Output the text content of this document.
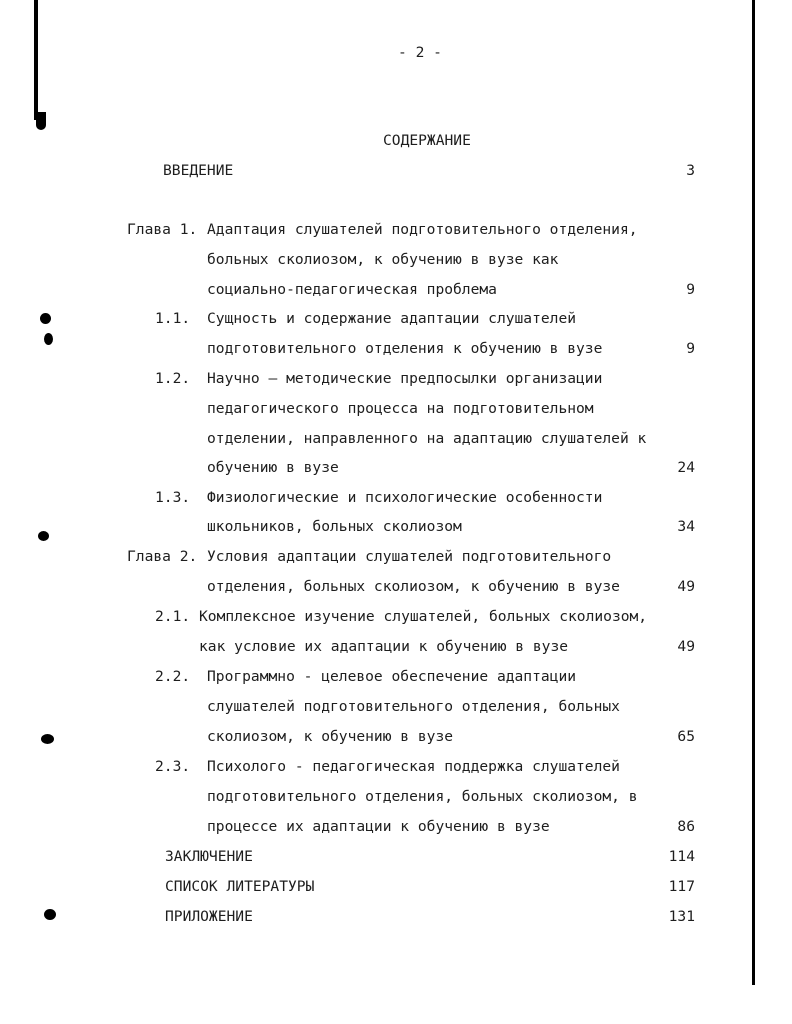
- 2 -
СОДЕРЖАНИЕ
ВВЕДЕНИЕ	3
Глава 1. Адаптация слушателей подготовительного отделения,
больных сколиозом, к обучению в вузе как
социально-педагогическая проблема	9
1.1. Сущность и содержание адаптации слушателей
подготовительного отделения к обучению в вузе	9
1.2. Научно – методические предпосылки организации
педагогического процесса на подготовительном
отделении, направленного на адаптацию слушателей к
обучению в вузе	24
1.3. Физиологические и психологические особенности
школьников, больных сколиозом	34
Глава 2. Условия адаптации слушателей подготовительного
отделения, больных сколиозом, к обучению в вузе	49
2.1. Комплексное изучение слушателей, больных сколиозом,
как условие их адаптации к обучению в вузе	49
2.2. Программно - целевое обеспечение адаптации
слушателей подготовительного отделения, больных
сколиозом, к обучению в вузе	65
2.3. Психолого - педагогическая поддержка слушателей
подготовительного отделения, больных сколиозом, в
процессе их адаптации к обучению в вузе	86
ЗАКЛЮЧЕНИЕ	114
СПИСОК ЛИТЕРАТУРЫ	117
ПРИЛОЖЕНИЕ	131
